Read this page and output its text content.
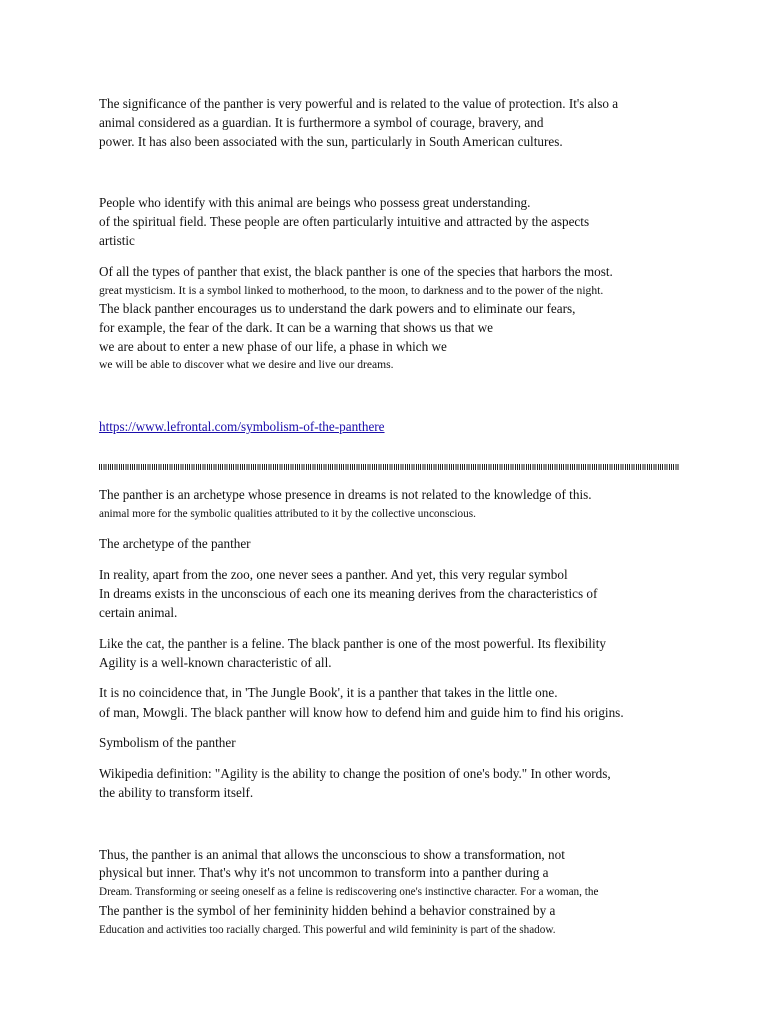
The significance of the panther is very powerful and is related to the value of protection. It's also a

animal considered as a guardian. It is furthermore a symbol of courage, bravery, and

power. It has also been associated with the sun, particularly in South American cultures.

People who identify with this animal are beings who possess great understanding.

of the spiritual field. These people are often particularly intuitive and attracted by the aspects

artistic

Of all the types of panther that exist, the black panther is one of the species that harbors the most.

great mysticism. It is a symbol linked to motherhood, to the moon, to darkness and to the power of the night.

The black panther encourages us to understand the dark powers and to eliminate our fears,

for example, the fear of the dark. It can be a warning that shows us that we

we are about to enter a new phase of our life, a phase in which we

we will be able to discover what we desire and live our dreams.

https://www.lefrontal.com/symbolism-of-the-panthere

The panther is an archetype whose presence in dreams is not related to the knowledge of this.

animal more for the symbolic qualities attributed to it by the collective unconscious.

The archetype of the panther

In reality, apart from the zoo, one never sees a panther. And yet, this very regular symbol

In dreams exists in the unconscious of each one its meaning derives from the characteristics of

certain animal.

Like the cat, the panther is a feline. The black panther is one of the most powerful. Its flexibility

Agility is a well-known characteristic of all.

It is no coincidence that, in 'The Jungle Book', it is a panther that takes in the little one.

of man, Mowgli. The black panther will know how to defend him and guide him to find his origins.

Symbolism of the panther

Wikipedia definition: "Agility is the ability to change the position of one's body." In other words,

the ability to transform itself.

Thus, the panther is an animal that allows the unconscious to show a transformation, not

physical but inner. That's why it's not uncommon to transform into a panther during a

Dream. Transforming or seeing oneself as a feline is rediscovering one's instinctive character. For a woman, the

The panther is the symbol of her femininity hidden behind a behavior constrained by a

Education and activities too racially charged. This powerful and wild femininity is part of the shadow.
